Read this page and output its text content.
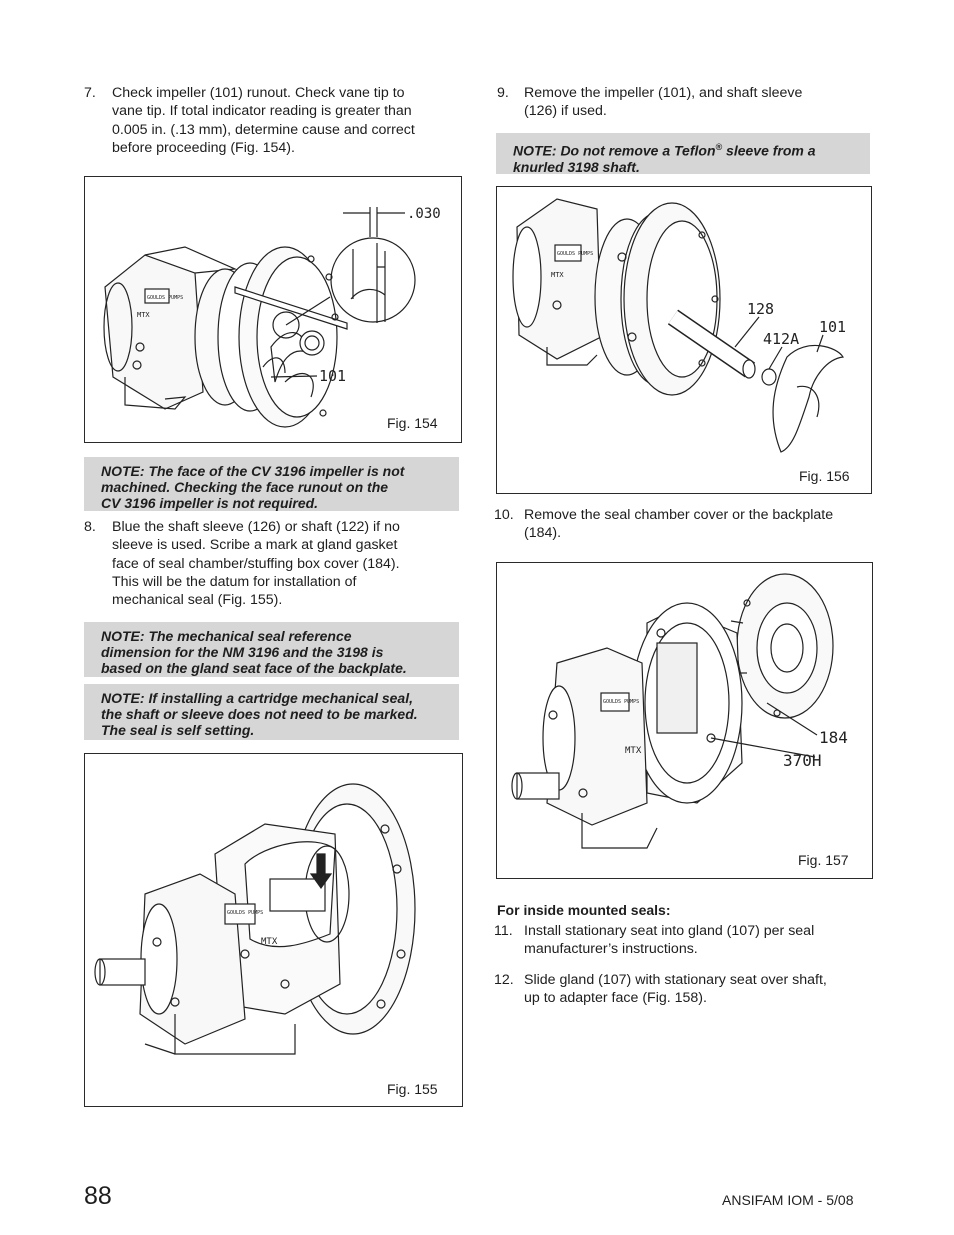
7. Check impeller (101) runout. Check vane tip to
vane tip. If total indicator reading is greater than
0.005 in. (.13 mm), determine cause and correct
before proceeding (Fig. 154).
.030
101
GOULDS PUMPS
MTX
Fig. 154
NOTE: The face of the CV 3196 impeller is not
machined. Checking the face runout on the
CV 3196 impeller is not required.
8. Blue the shaft sleeve (126) or shaft (122) if no
sleeve is used. Scribe a mark at gland gasket
face of seal chamber/stuffing box cover (184).
This will be the datum for installation of
mechanical seal (Fig. 155).
NOTE: The mechanical seal reference
dimension for the NM 3196 and the 3198 is
based on the gland seat face of the backplate.
NOTE: If installing a cartridge mechanical seal,
the shaft or sleeve does not need to be marked.
The seal is self setting.
GOULDS PUMPS
MTX
Fig. 155
9. Remove the impeller (101), and shaft sleeve
(126) if used.
NOTE: Do not remove a Teflon® sleeve from a
knurled 3198 shaft.
128
412A
101
GOULDS PUMPS
MTX
Fig. 156
10. Remove the seal chamber cover or the backplate
(184).
184
370H
GOULDS PUMPS
MTX
Fig. 157
For inside mounted seals:
11. Install stationary seat into gland (107) per seal
manufacturer’s instructions.
12. Slide gland (107) with stationary seat over shaft,
up to adapter face (Fig. 158).
88	ANSIFAM IOM - 5/08
